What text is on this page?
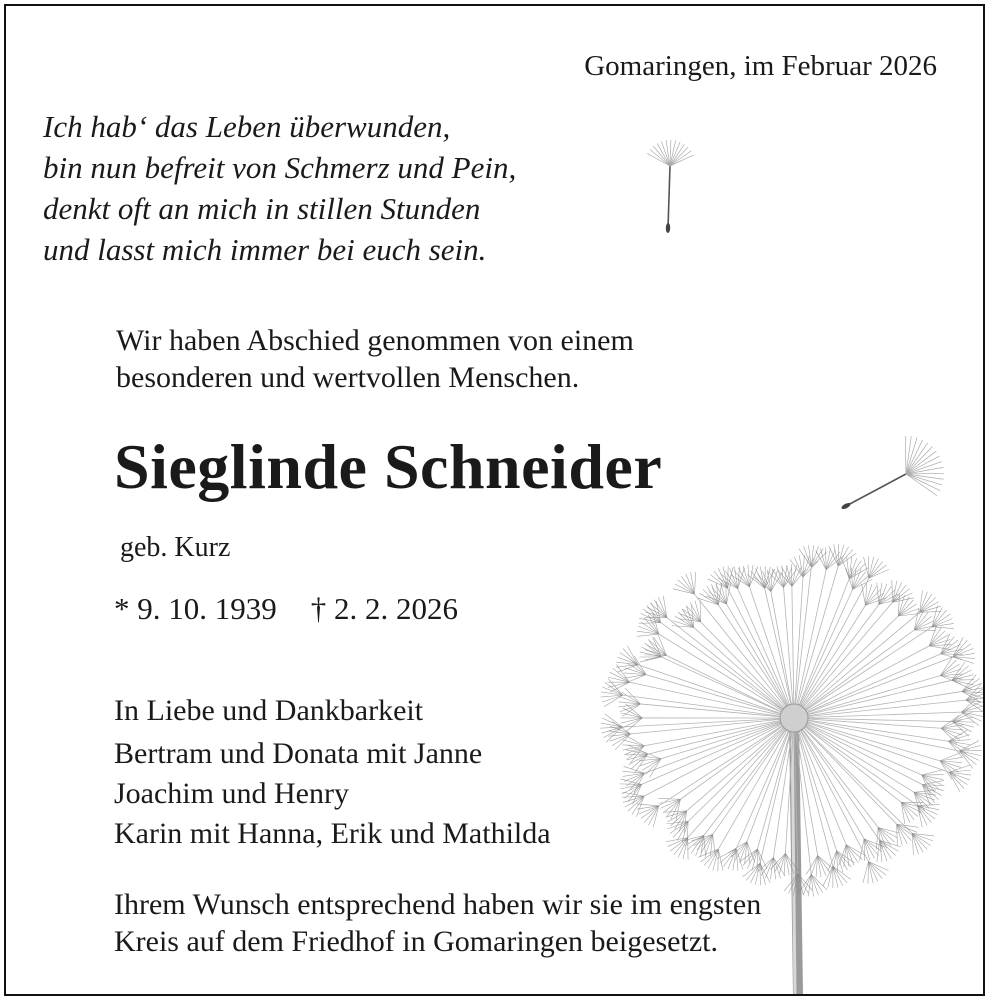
Gomaringen, im Februar 2026
Ich hab‘ das Leben überwunden,
bin nun befreit von Schmerz und Pein,
denkt oft an mich in stillen Stunden
und lasst mich immer bei euch sein.
Wir haben Abschied genommen von einem
besonderen und wertvollen Menschen.
Sieglinde Schneider
geb. Kurz
* 9. 10. 1939 † 2. 2. 2026
In Liebe und Dankbarkeit
Bertram und Donata mit Janne
Joachim und Henry
Karin mit Hanna, Erik und Mathilda
Ihrem Wunsch entsprechend haben wir sie im engsten
Kreis auf dem Friedhof in Gomaringen beigesetzt.
